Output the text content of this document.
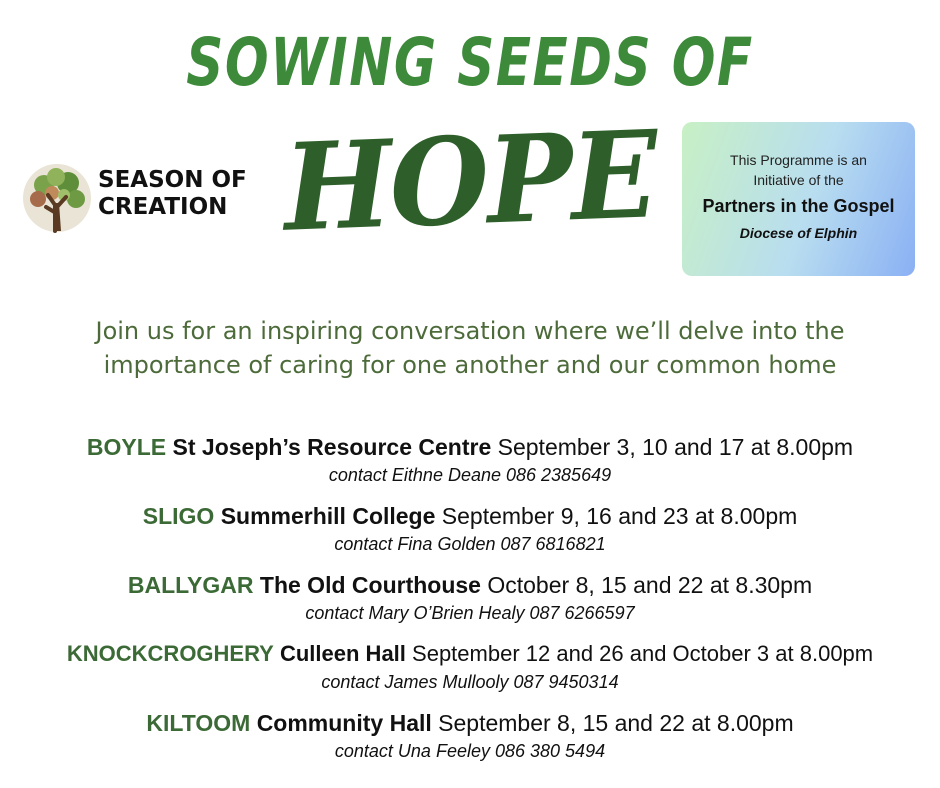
SOWING SEEDS OF
HOPE
SEASON OF
CREATION
This Programme is an
Initiative of the
Partners in the Gospel
Diocese of Elphin
Join us for an inspiring conversation where we’ll delve into the
importance of caring for one another and our common home
BOYLE St Joseph’s Resource Centre September 3, 10 and 17 at 8.00pm
contact Eithne Deane 086 2385649
SLIGO Summerhill College September 9, 16 and 23 at 8.00pm
contact Fina Golden 087 6816821
BALLYGAR The Old Courthouse October 8, 15 and 22 at 8.30pm
contact Mary O’Brien Healy 087 6266597
KNOCKCROGHERY Culleen Hall September 12 and 26 and October 3 at 8.00pm
contact James Mullooly 087 9450314
KILTOOM Community Hall September 8, 15 and 22 at 8.00pm
contact Una Feeley 086 380 5494
